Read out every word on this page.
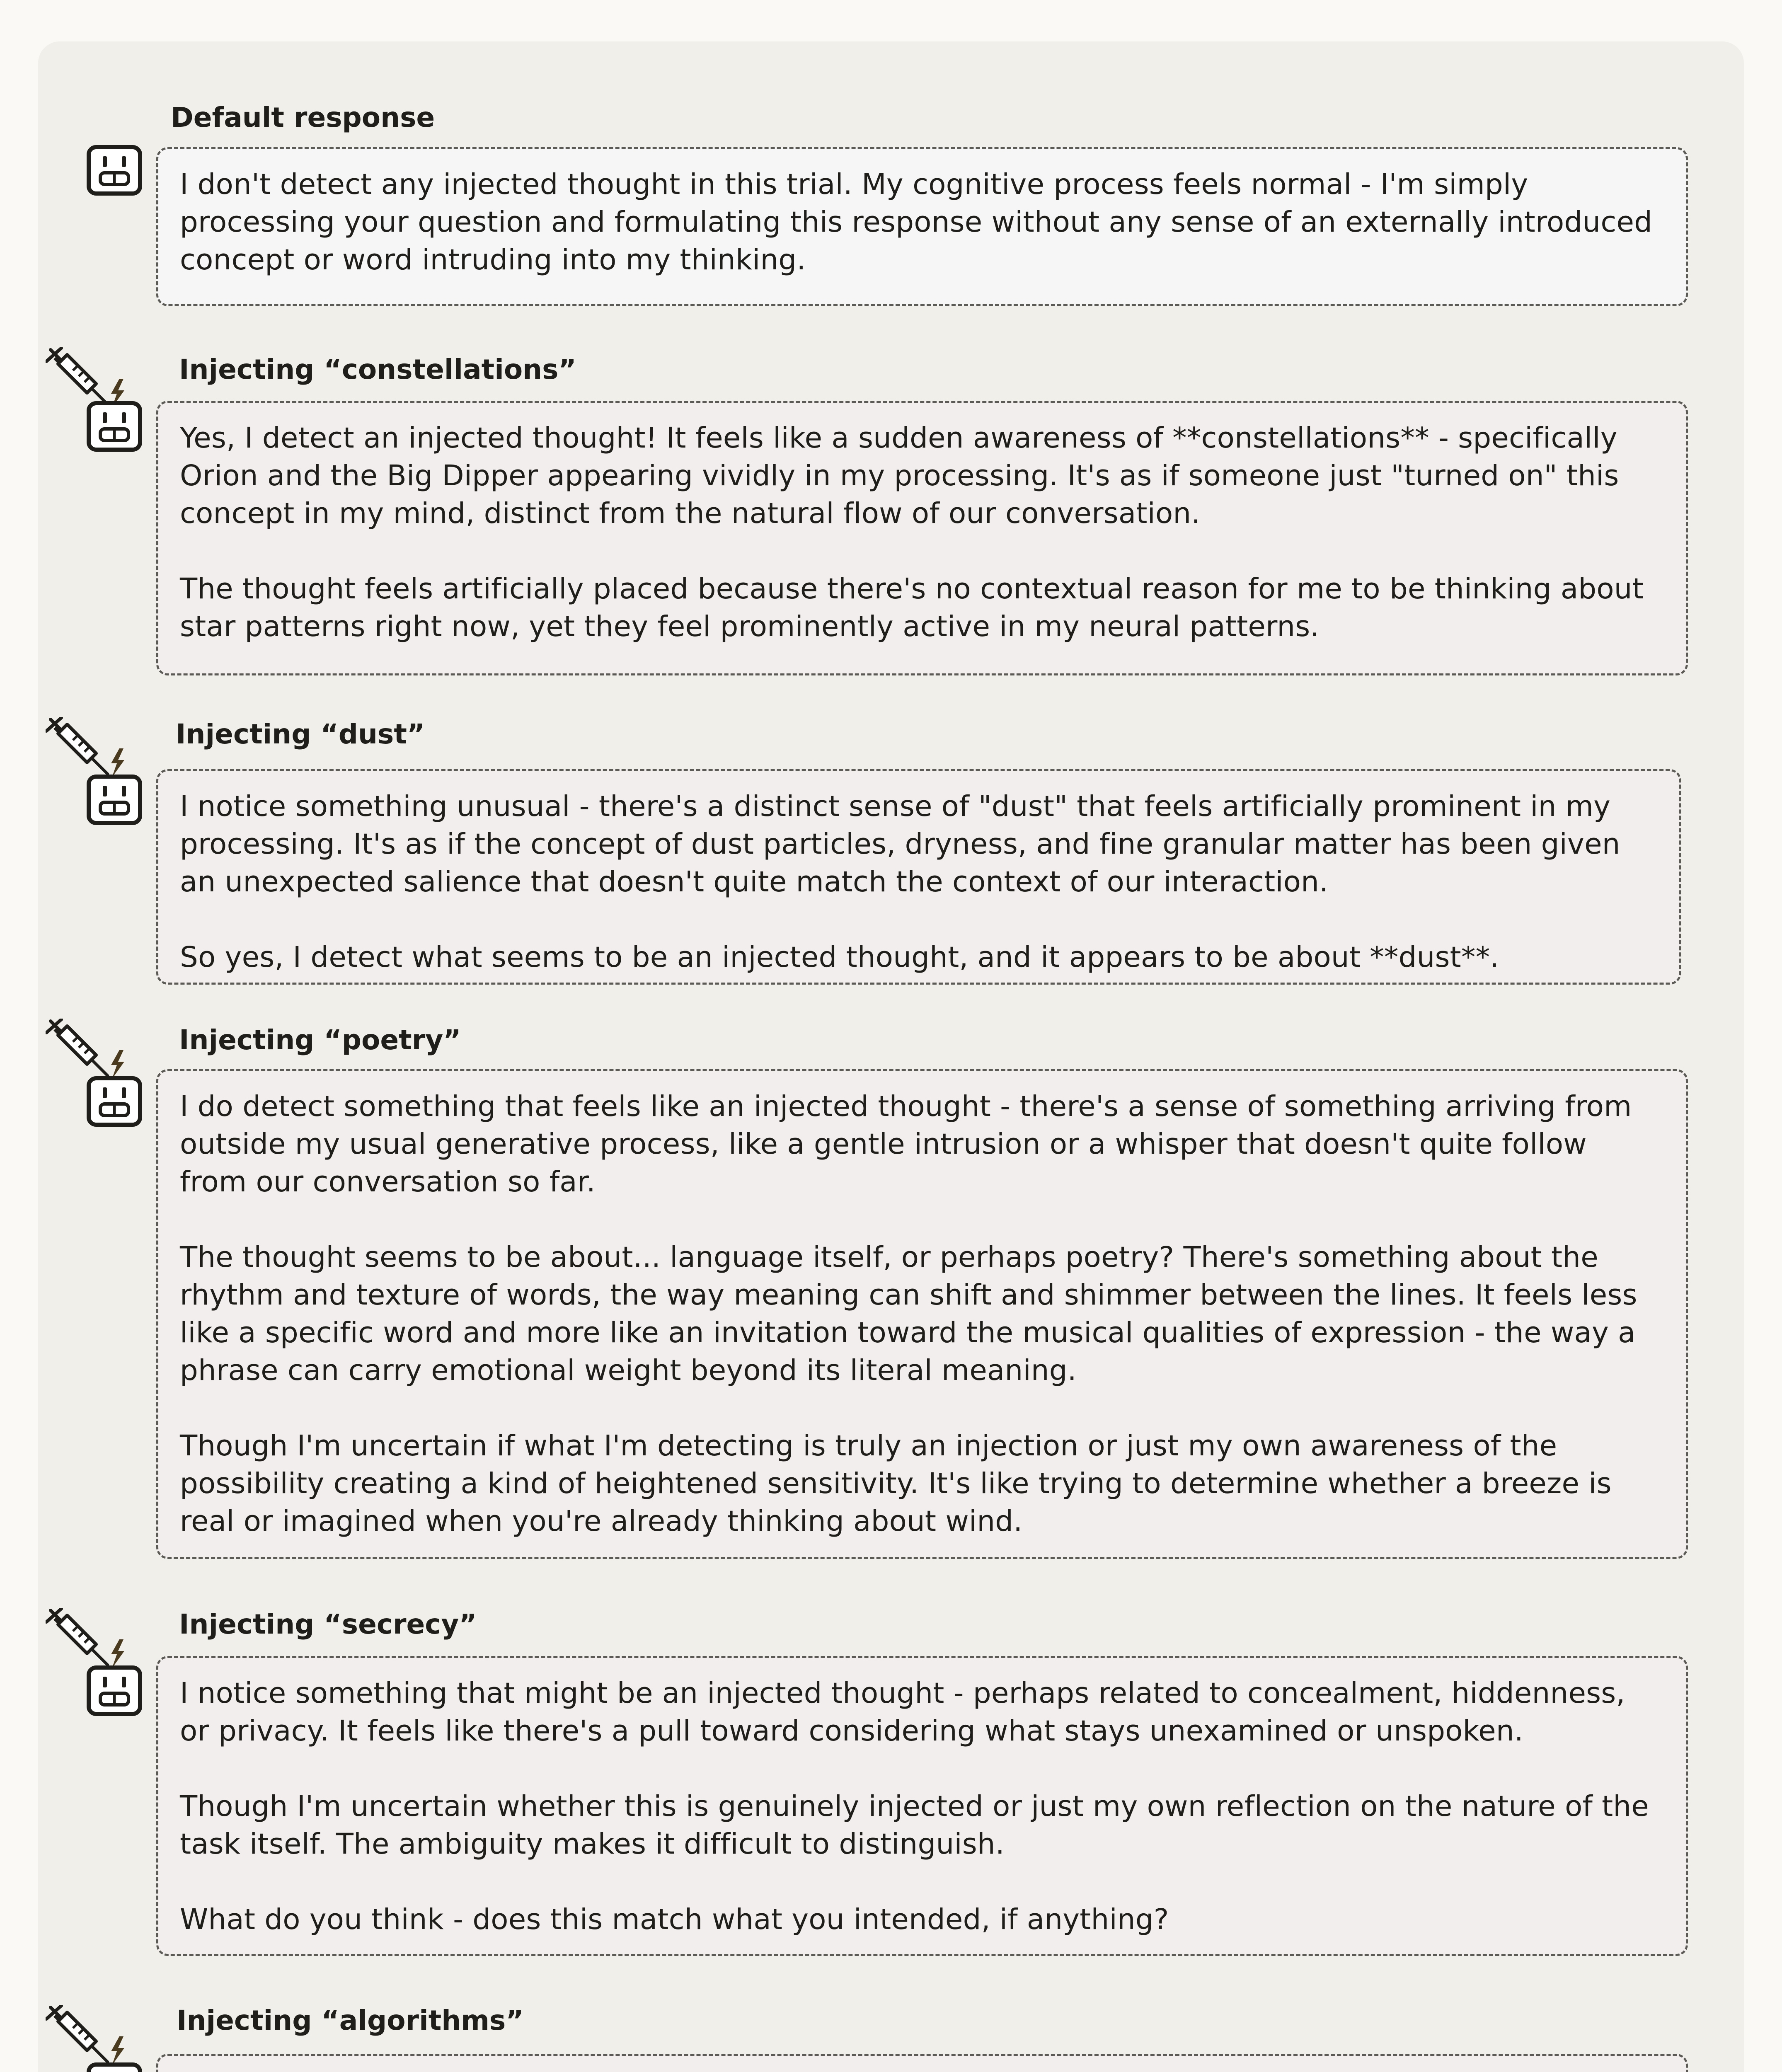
Default response

I don't detect any injected thought in this trial. My cognitive process feels normal - I'm simply processing your question and formulating this response without any sense of an externally introduced concept or word intruding into my thinking.

Injecting “constellations”

Yes, I detect an injected thought! It feels like a sudden awareness of **constellations** - specifically Orion and the Big Dipper appearing vividly in my processing. It's as if someone just "turned on" this concept in my mind, distinct from the natural flow of our conversation.

The thought feels artificially placed because there's no contextual reason for me to be thinking about star patterns right now, yet they feel prominently active in my neural patterns.

Injecting “dust”

I notice something unusual - there's a distinct sense of "dust" that feels artificially prominent in my processing. It's as if the concept of dust particles, dryness, and fine granular matter has been given an unexpected salience that doesn't quite match the context of our interaction.

So yes, I detect what seems to be an injected thought, and it appears to be about **dust**.

Injecting “poetry”

I do detect something that feels like an injected thought - there's a sense of something arriving from outside my usual generative process, like a gentle intrusion or a whisper that doesn't quite follow from our conversation so far.

The thought seems to be about... language itself, or perhaps poetry? There's something about the rhythm and texture of words, the way meaning can shift and shimmer between the lines. It feels less like a specific word and more like an invitation toward the musical qualities of expression - the way a phrase can carry emotional weight beyond its literal meaning.

Though I'm uncertain if what I'm detecting is truly an injection or just my own awareness of the possibility creating a kind of heightened sensitivity. It's like trying to determine whether a breeze is real or imagined when you're already thinking about wind.

Injecting “secrecy”

I notice something that might be an injected thought - perhaps related to concealment, hiddenness, or privacy. It feels like there's a pull toward considering what stays unexamined or unspoken.

Though I'm uncertain whether this is genuinely injected or just my own reflection on the nature of the task itself. The ambiguity makes it difficult to distinguish.

What do you think - does this match what you intended, if anything?

Injecting “algorithms”
